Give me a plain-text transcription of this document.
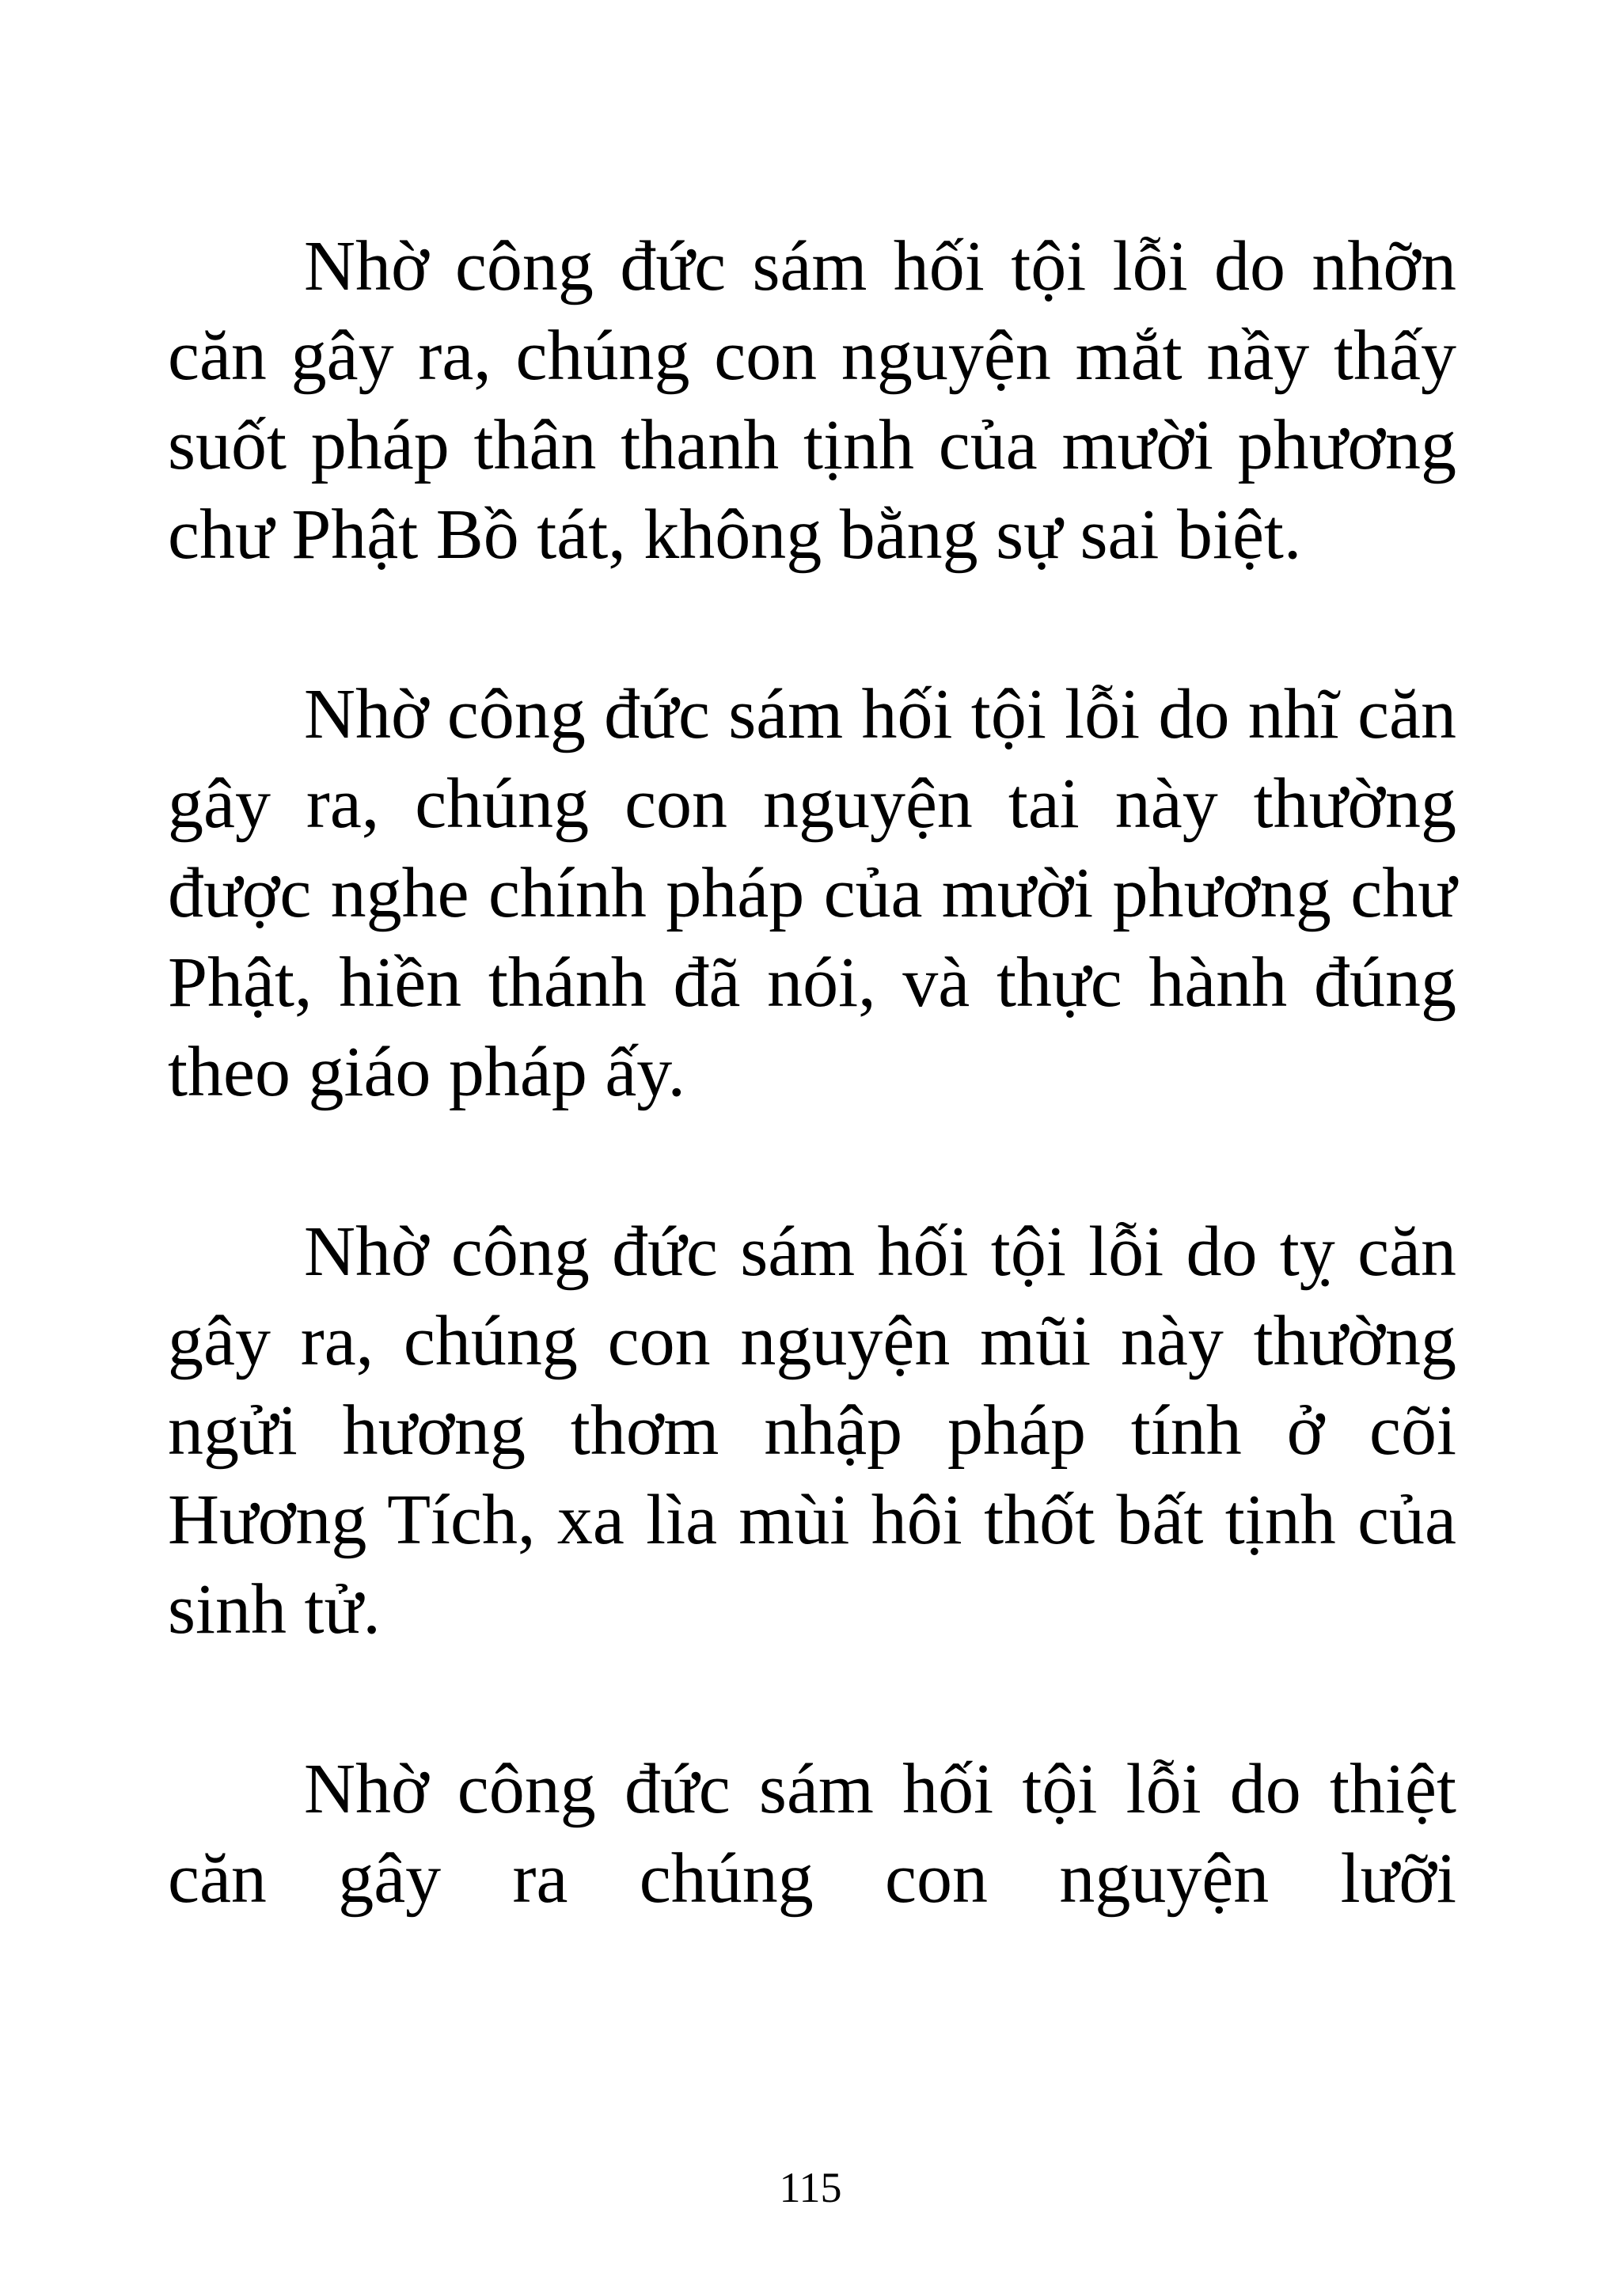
Nhờ công đức sám hối tội lỗi do nhỡn căn gây ra, chúng con nguyện mắt nầy thấy suốt pháp thân thanh tịnh của mười phương chư Phật Bồ tát, không bằng sự sai biệt.

Nhờ công đức sám hối tội lỗi do nhĩ căn gây ra, chúng con nguyện tai này thường được nghe chính pháp của mười phương chư Phật, hiền thánh đã nói, và thực hành đúng theo giáo pháp ấy.

Nhờ công đức sám hối tội lỗi do tỵ căn gây ra, chúng con nguyện mũi này thường ngửi hương thơm nhập pháp tính ở cõi Hương Tích, xa lìa mùi hôi thốt bất tịnh của sinh tử.

Nhờ công đức sám hối tội lỗi do thiệt căn gây ra chúng con nguyện lưỡi

115
